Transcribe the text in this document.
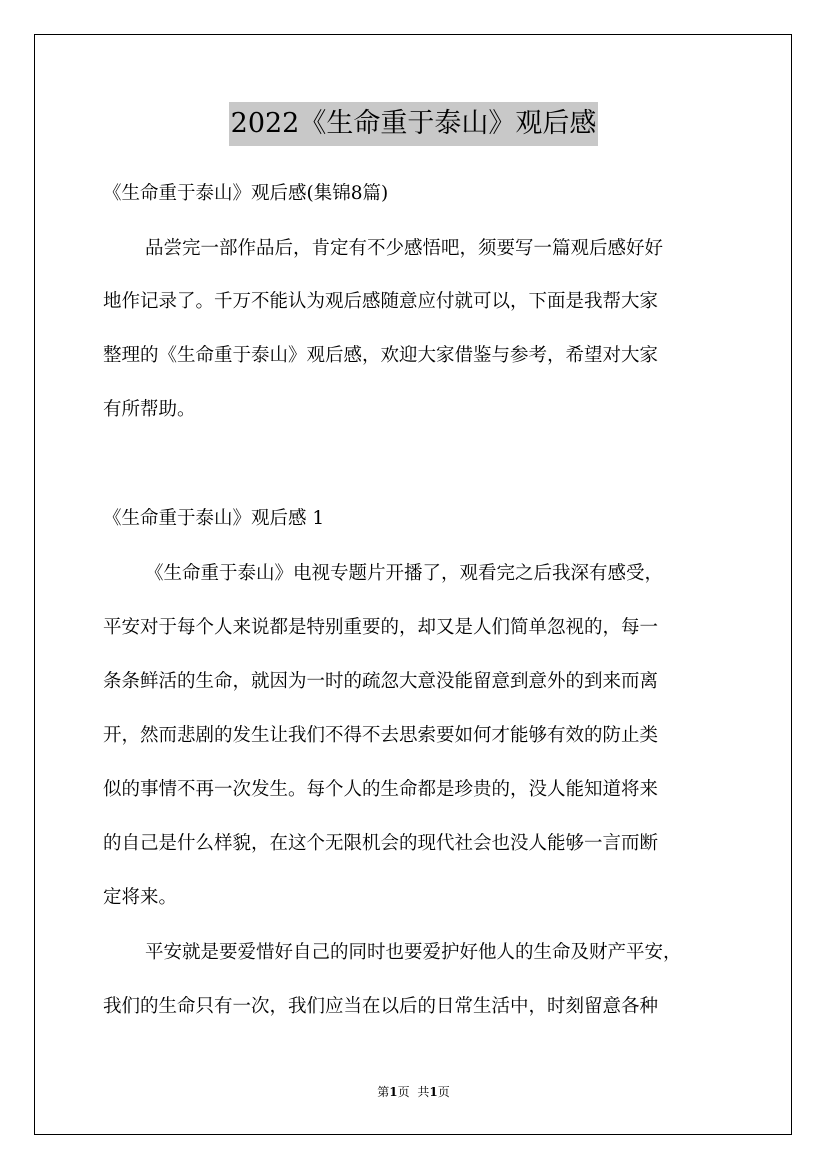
2022《生命重于泰山》观后感
《生命重于泰山》观后感(集锦8篇)
品尝完一部作品后，肯定有不少感悟吧，须要写一篇观后感好好
地作记录了。千万不能认为观后感随意应付就可以，下面是我帮大家
整理的《生命重于泰山》观后感，欢迎大家借鉴与参考，希望对大家
有所帮助。
《生命重于泰山》观后感 1
《生命重于泰山》电视专题片开播了，观看完之后我深有感受，
平安对于每个人来说都是特别重要的，却又是人们简单忽视的，每一
条条鲜活的生命，就因为一时的疏忽大意没能留意到意外的到来而离
开，然而悲剧的发生让我们不得不去思索要如何才能够有效的防止类
似的事情不再一次发生。每个人的生命都是珍贵的，没人能知道将来
的自己是什么样貌，在这个无限机会的现代社会也没人能够一言而断
定将来。
平安就是要爱惜好自己的同时也要爱护好他人的生命及财产平安，
我们的生命只有一次，我们应当在以后的日常生活中，时刻留意各种
第1页 共1页
